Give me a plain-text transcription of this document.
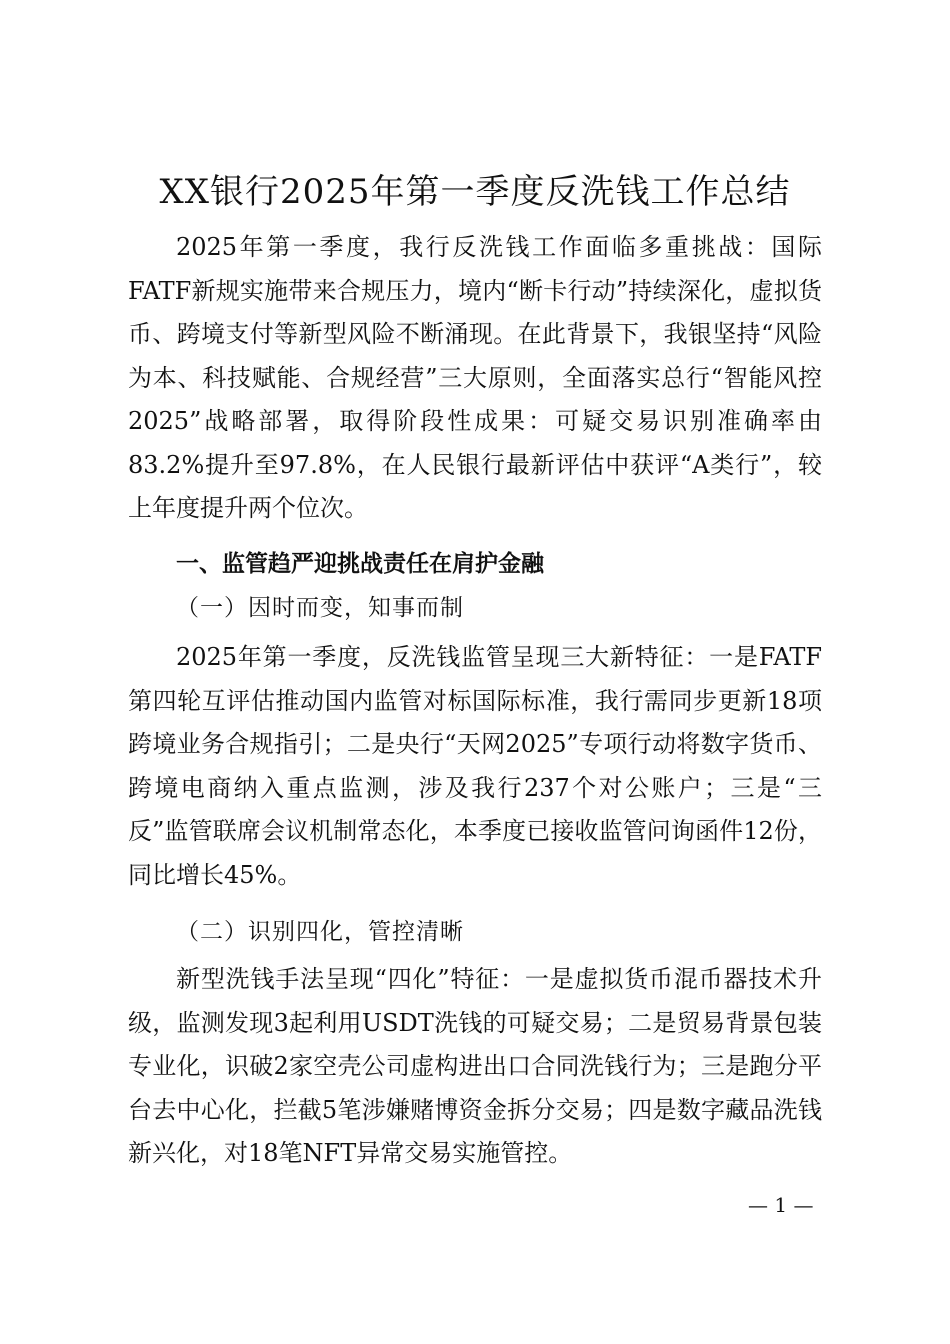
XX银行2025年第一季度反洗钱工作总结

2025年第一季度，我行反洗钱工作面临多重挑战：国际FATF新规实施带来合规压力，境内“断卡行动”持续深化，虚拟货币、跨境支付等新型风险不断涌现。在此背景下，我银坚持“风险为本、科技赋能、合规经营”三大原则，全面落实总行“智能风控2025”战略部署，取得阶段性成果：可疑交易识别准确率由83.2%提升至97.8%，在人民银行最新评估中获评“A类行”，较上年度提升两个位次。

一、监管趋严迎挑战责任在肩护金融
（一）因时而变，知事而制

2025年第一季度，反洗钱监管呈现三大新特征：一是FATF第四轮互评估推动国内监管对标国际标准，我行需同步更新18项跨境业务合规指引；二是央行“天网2025”专项行动将数字货币、跨境电商纳入重点监测，涉及我行237个对公账户；三是“三反”监管联席会议机制常态化，本季度已接收监管问询函件12份，同比增长45%。

（二）识别四化，管控清晰

新型洗钱手法呈现“四化”特征：一是虚拟货币混币器技术升级，监测发现3起利用USDT洗钱的可疑交易；二是贸易背景包装专业化，识破2家空壳公司虚构进出口合同洗钱行为；三是跑分平台去中心化，拦截5笔涉嫌赌博资金拆分交易；四是数字藏品洗钱新兴化，对18笔NFT异常交易实施管控。

— 1 —
